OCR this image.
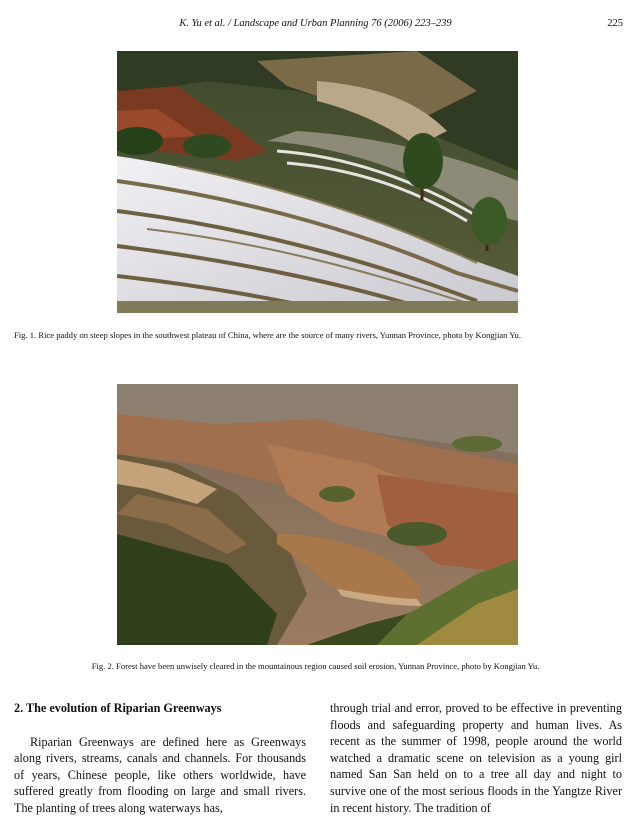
K. Yu et al. / Landscape and Urban Planning 76 (2006) 223–239	225
Fig. 1. Rice paddy on steep slopes in the southwest plateau of China, where are the source of many rivers, Yunnan Province, photo by Kongjian Yu.
Fig. 2. Forest have been unwisely cleared in the mountainous region caused soil erosion, Yunnan Province, photo by Kongjian Yu.
2. The evolution of Riparian Greenways

Riparian Greenways are defined here as Greenways along rivers, streams, canals and channels. For thousands of years, Chinese people, like others worldwide, have suffered greatly from flooding on large and small rivers. The planting of trees along waterways has,

through trial and error, proved to be effective in preventing floods and safeguarding property and human lives. As recent as the summer of 1998, people around the world watched a dramatic scene on television as a young girl named San San held on to a tree all day and night to survive one of the most serious floods in the Yangtze River in recent history. The tradition of
